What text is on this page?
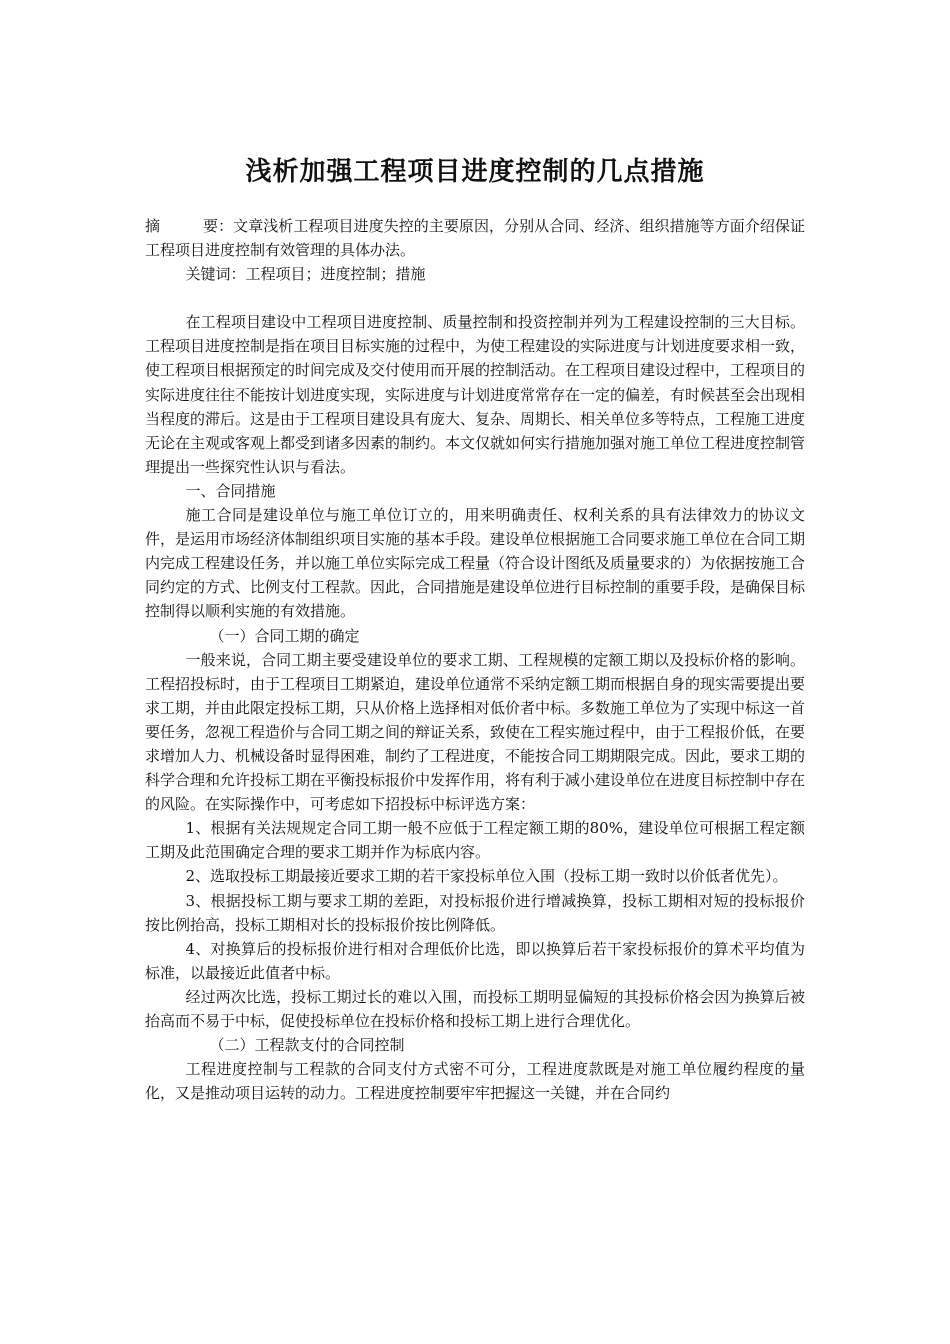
浅析加强工程项目进度控制的几点措施

摘	要：文章浅析工程项目进度失控的主要原因，分别从合同、经济、组织措施等方面介绍保证工程项目进度控制有效管理的具体办法。

关键词：工程项目；进度控制；措施

在工程项目建设中工程项目进度控制、质量控制和投资控制并列为工程建设控制的三大目标。工程项目进度控制是指在项目目标实施的过程中，为使工程建设的实际进度与计划进度要求相一致，使工程项目根据预定的时间完成及交付使用而开展的控制活动。在工程项目建设过程中，工程项目的实际进度往往不能按计划进度实现，实际进度与计划进度常常存在一定的偏差，有时候甚至会出现相当程度的滞后。这是由于工程项目建设具有庞大、复杂、周期长、相关单位多等特点，工程施工进度无论在主观或客观上都受到诸多因素的制约。本文仅就如何实行措施加强对施工单位工程进度控制管理提出一些探究性认识与看法。

一、合同措施

施工合同是建设单位与施工单位订立的，用来明确责任、权利关系的具有法律效力的协议文件，是运用市场经济体制组织项目实施的基本手段。建设单位根据施工合同要求施工单位在合同工期内完成工程建设任务，并以施工单位实际完成工程量（符合设计图纸及质量要求的）为依据按施工合同约定的方式、比例支付工程款。因此，合同措施是建设单位进行目标控制的重要手段，是确保目标控制得以顺利实施的有效措施。

（一）合同工期的确定

一般来说，合同工期主要受建设单位的要求工期、工程规模的定额工期以及投标价格的影响。工程招投标时，由于工程项目工期紧迫，建设单位通常不采纳定额工期而根据自身的现实需要提出要求工期，并由此限定投标工期，只从价格上选择相对低价者中标。多数施工单位为了实现中标这一首要任务，忽视工程造价与合同工期之间的辩证关系，致使在工程实施过程中，由于工程报价低，在要求增加人力、机械设备时显得困难，制约了工程进度，不能按合同工期期限完成。因此，要求工期的科学合理和允许投标工期在平衡投标报价中发挥作用，将有利于减小建设单位在进度目标控制中存在的风险。在实际操作中，可考虑如下招投标中标评选方案：

1、根据有关法规规定合同工期一般不应低于工程定额工期的80%，建设单位可根据工程定额工期及此范围确定合理的要求工期并作为标底内容。

2、选取投标工期最接近要求工期的若干家投标单位入围（投标工期一致时以价低者优先）。

3、根据投标工期与要求工期的差距，对投标报价进行增减换算，投标工期相对短的投标报价按比例抬高，投标工期相对长的投标报价按比例降低。

4、对换算后的投标报价进行相对合理低价比选，即以换算后若干家投标报价的算术平均值为标准，以最接近此值者中标。

经过两次比选，投标工期过长的难以入围，而投标工期明显偏短的其投标价格会因为换算后被抬高而不易于中标，促使投标单位在投标价格和投标工期上进行合理优化。

（二）工程款支付的合同控制

工程进度控制与工程款的合同支付方式密不可分，工程进度款既是对施工单位履约程度的量化，又是推动项目运转的动力。工程进度控制要牢牢把握这一关键，并在合同约
